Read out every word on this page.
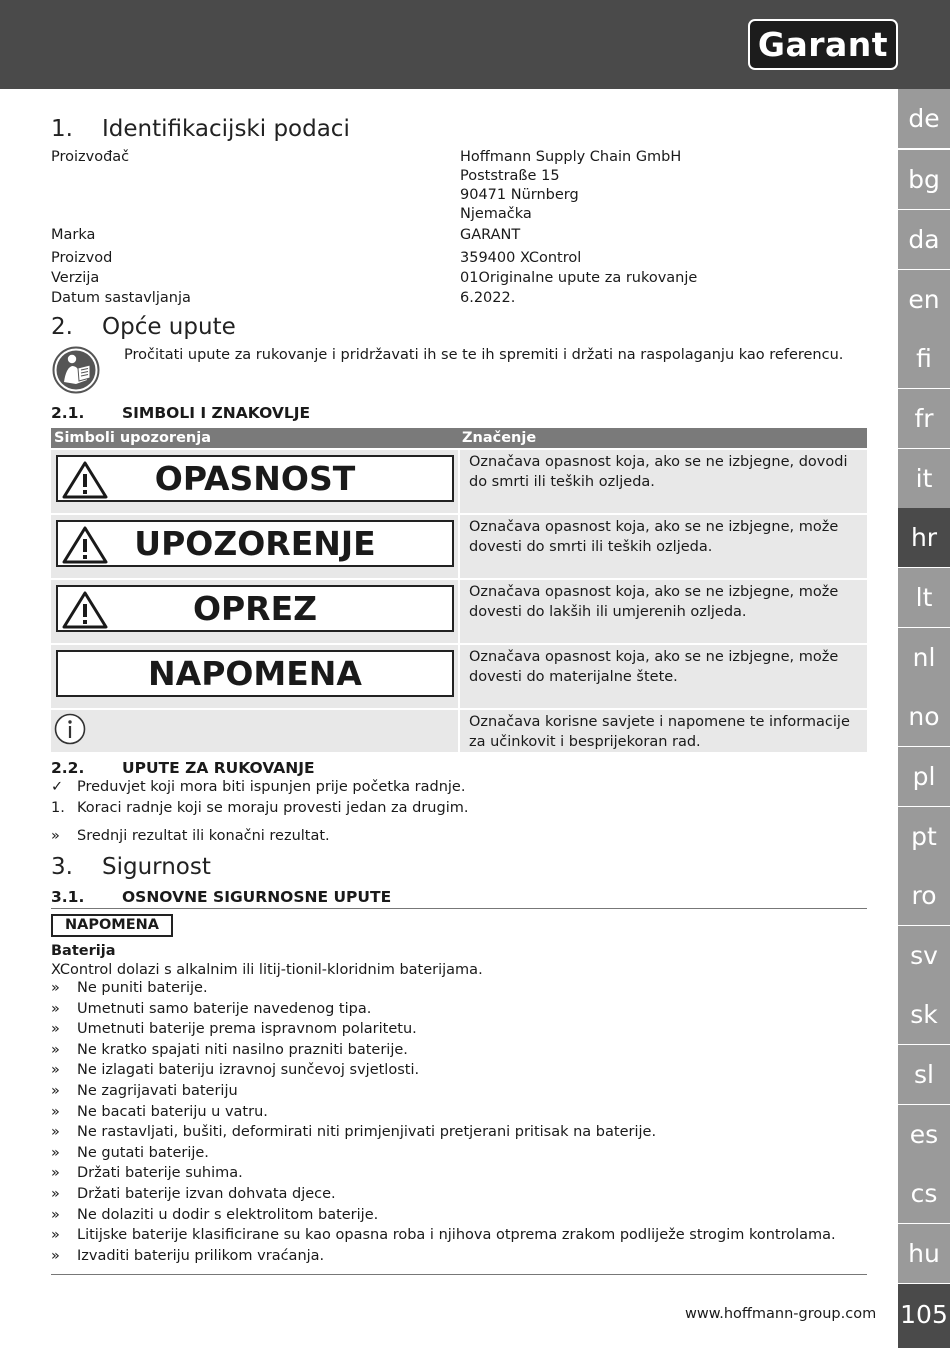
Garant
de
bg
da
en
fi
fr
it
hr
lt
nl
no
pl
pt
ro
sv
sk
sl
es
cs
hu
105
1. Identifikacijski podaci
Proizvođač	Hoffmann Supply Chain GmbH
Poststraße 15
90471 Nürnberg
Njemačka
Marka	GARANT
Proizvod	359400 XControl
Verzija	01Originalne upute za rukovanje
Datum sastavljanja	6.2022.
2. Opće upute
Pročitati upute za rukovanje i pridržavati ih se te ih spremiti i držati na raspolaganju kao referencu.
2.1. SIMBOLI I ZNAKOVLJE
Simboli upozorenja	Značenje

OPASNOST	Označava opasnost koja, ako se ne izbjegne, dovodi do smrti ili teških ozljeda.

UPOZORENJE	Označava opasnost koja, ako se ne izbjegne, može dovesti do smrti ili teških ozljeda.

OPREZ	Označava opasnost koja, ako se ne izbjegne, može dovesti do lakših ili umjerenih ozljeda.

NAPOMENA	Označava opasnost koja, ako se ne izbjegne, može dovesti do materijalne štete.

	Označava korisne savjete i napomene te informacije za učinkovit i besprijekoran rad.
2.2. UPUTE ZA RUKOVANJE
✓ Preduvjet koji mora biti ispunjen prije početka radnje.
1. Koraci radnje koji se moraju provesti jedan za drugim.
» Srednji rezultat ili konačni rezultat.
3. Sigurnost
3.1. OSNOVNE SIGURNOSNE UPUTE
NAPOMENA
Baterija
XControl dolazi s alkalnim ili litij-tionil-kloridnim baterijama.
» Ne puniti baterije.
» Umetnuti samo baterije navedenog tipa.
» Umetnuti baterije prema ispravnom polaritetu.
» Ne kratko spajati niti nasilno prazniti baterije.
» Ne izlagati bateriju izravnoj sunčevoj svjetlosti.
» Ne zagrijavati bateriju
» Ne bacati bateriju u vatru.
» Ne rastavljati, bušiti, deformirati niti primjenjivati pretjerani pritisak na baterije.
» Ne gutati baterije.
» Držati baterije suhima.
» Držati baterije izvan dohvata djece.
» Ne dolaziti u dodir s elektrolitom baterije.
» Litijske baterije klasificirane su kao opasna roba i njihova otprema zrakom podliježe strogim kontrolama.
» Izvaditi bateriju prilikom vraćanja.
www.hoffmann-group.com
